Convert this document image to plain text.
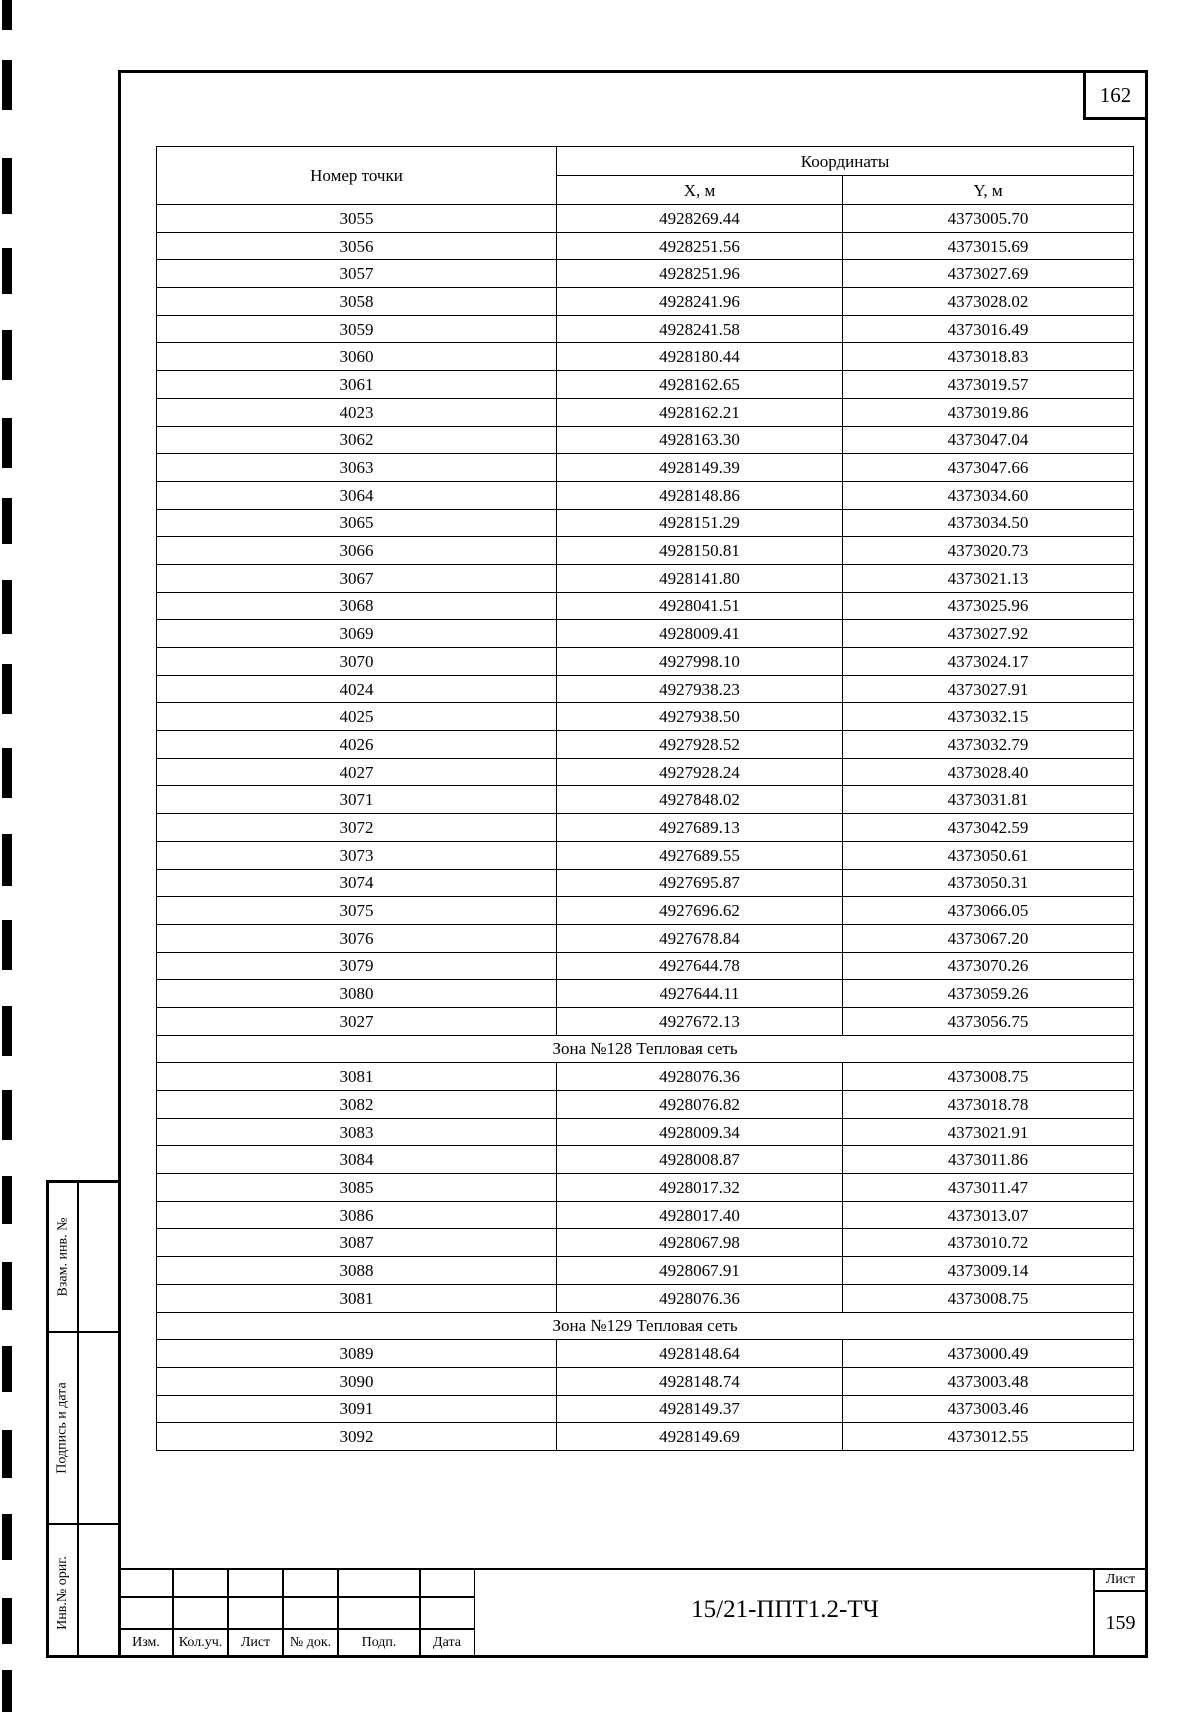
162
Номер точки	Координаты	
	X, м	Y, м
3055	4928269.44	4373005.70
3056	4928251.56	4373015.69
3057	4928251.96	4373027.69
3058	4928241.96	4373028.02
3059	4928241.58	4373016.49
3060	4928180.44	4373018.83
3061	4928162.65	4373019.57
4023	4928162.21	4373019.86
3062	4928163.30	4373047.04
3063	4928149.39	4373047.66
3064	4928148.86	4373034.60
3065	4928151.29	4373034.50
3066	4928150.81	4373020.73
3067	4928141.80	4373021.13
3068	4928041.51	4373025.96
3069	4928009.41	4373027.92
3070	4927998.10	4373024.17
4024	4927938.23	4373027.91
4025	4927938.50	4373032.15
4026	4927928.52	4373032.79
4027	4927928.24	4373028.40
3071	4927848.02	4373031.81
3072	4927689.13	4373042.59
3073	4927689.55	4373050.61
3074	4927695.87	4373050.31
3075	4927696.62	4373066.05
3076	4927678.84	4373067.20
3079	4927644.78	4373070.26
3080	4927644.11	4373059.26
3027	4927672.13	4373056.75
Зона №128 Тепловая сеть		
3081	4928076.36	4373008.75
3082	4928076.82	4373018.78
3083	4928009.34	4373021.91
3084	4928008.87	4373011.86
3085	4928017.32	4373011.47
3086	4928017.40	4373013.07
3087	4928067.98	4373010.72
3088	4928067.91	4373009.14
3081	4928076.36	4373008.75
Зона №129 Тепловая сеть		
3089	4928148.64	4373000.49
3090	4928148.74	4373003.48
3091	4928149.37	4373003.46
3092	4928149.69	4373012.55
Взам. инв. №
Подпись и дата
Инв.№ ориг.
Изм.	Кол.уч.	Лист	№ док.	Подп.	Дата
15/21-ППТ1.2-ТЧ
Лист
159
